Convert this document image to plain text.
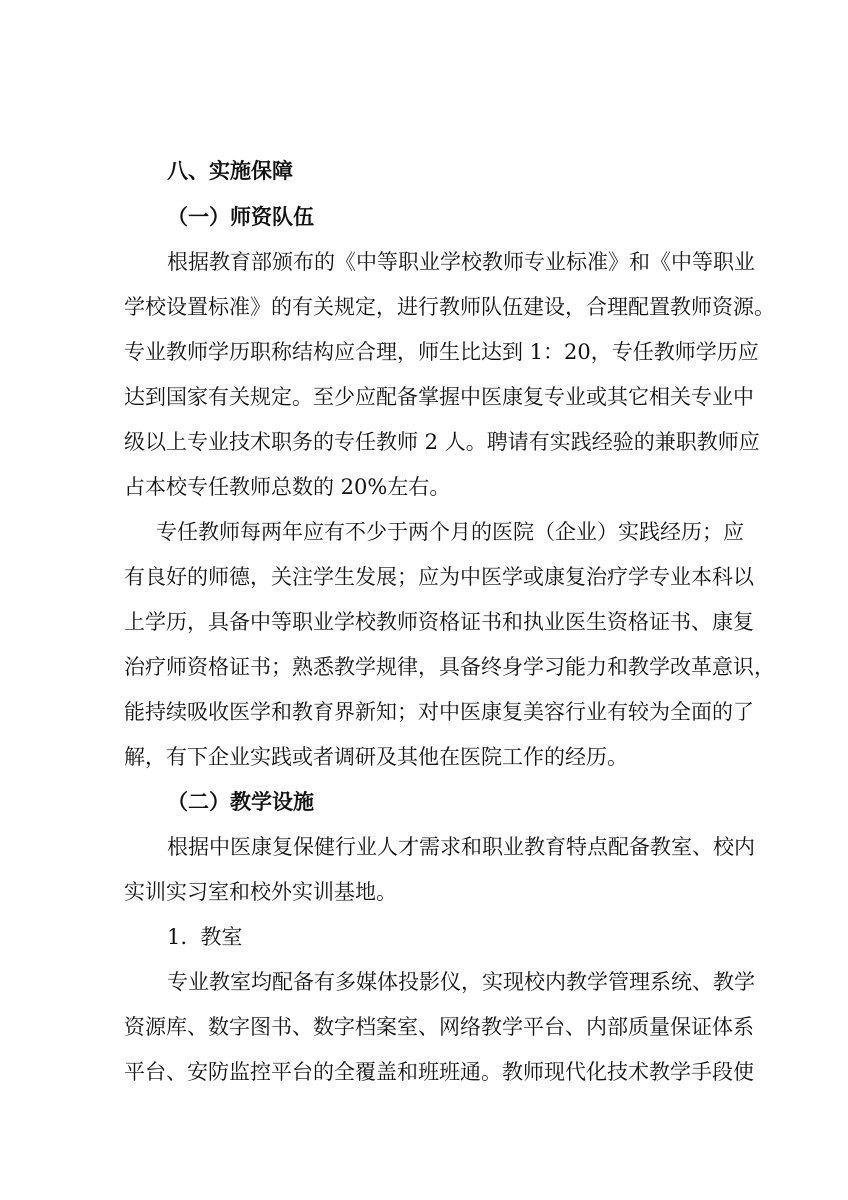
八、实施保障
（一）师资队伍
根据教育部颁布的《中等职业学校教师专业标准》和《中等职业
学校设置标准》的有关规定，进行教师队伍建设，合理配置教师资源。
专业教师学历职称结构应合理，师生比达到 1：20，专任教师学历应
达到国家有关规定。至少应配备掌握中医康复专业或其它相关专业中
级以上专业技术职务的专任教师 2 人。聘请有实践经验的兼职教师应
占本校专任教师总数的 20%左右。
专任教师每两年应有不少于两个月的医院（企业）实践经历；应
有良好的师德，关注学生发展；应为中医学或康复治疗学专业本科以
上学历，具备中等职业学校教师资格证书和执业医生资格证书、康复
治疗师资格证书；熟悉教学规律，具备终身学习能力和教学改革意识，
能持续吸收医学和教育界新知；对中医康复美容行业有较为全面的了
解，有下企业实践或者调研及其他在医院工作的经历。
（二）教学设施
根据中医康复保健行业人才需求和职业教育特点配备教室、校内
实训实习室和校外实训基地。
1.  教室
专业教室均配备有多媒体投影仪，实现校内教学管理系统、教学
资源库、数字图书、数字档案室、网络教学平台、内部质量保证体系
平台、安防监控平台的全覆盖和班班通。教师现代化技术教学手段使
